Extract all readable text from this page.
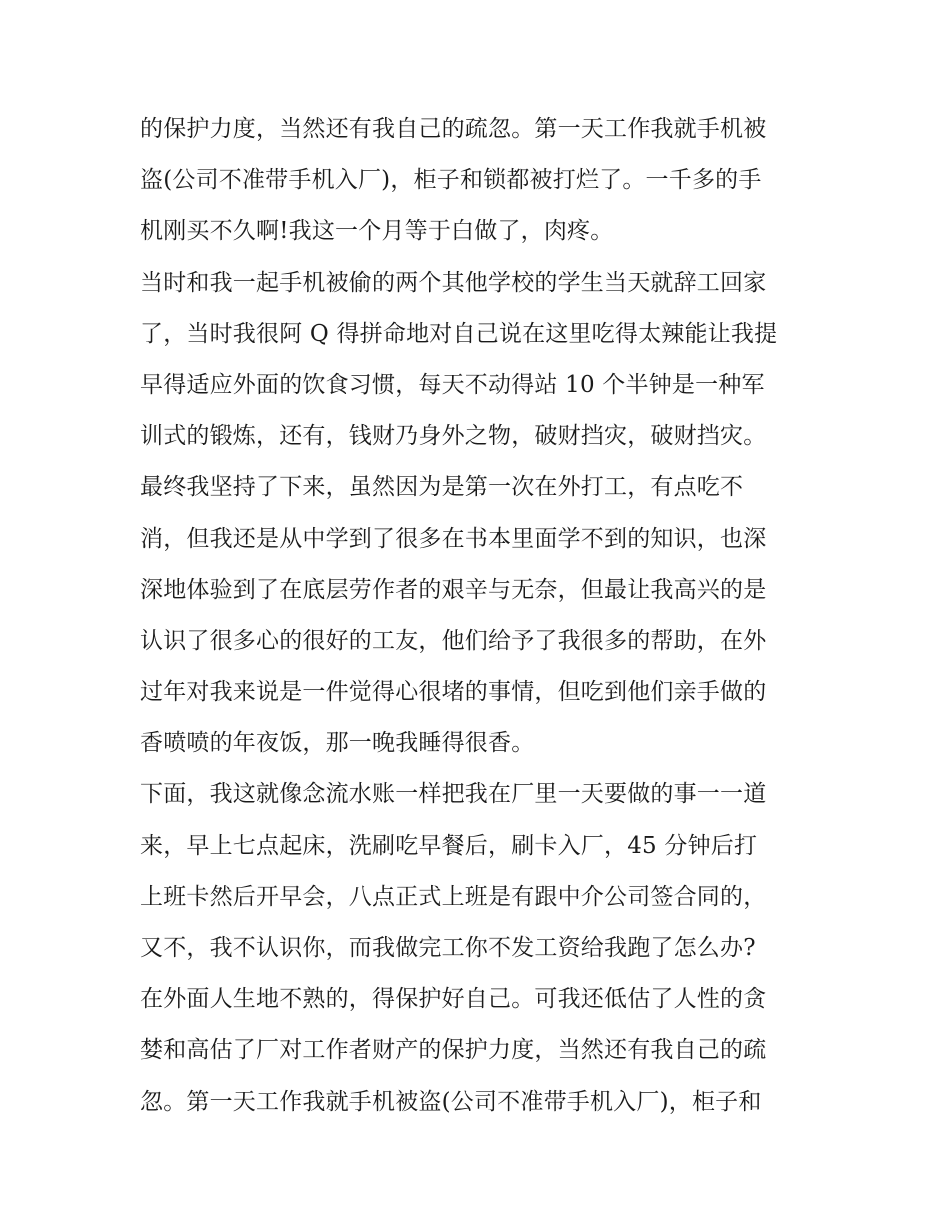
的保护力度，当然还有我自己的疏忽。第一天工作我就手机被
盗(公司不准带手机入厂)，柜子和锁都被打烂了。一千多的手
机刚买不久啊!我这一个月等于白做了，肉疼。
当时和我一起手机被偷的两个其他学校的学生当天就辞工回家
了，当时我很阿 Q 得拼命地对自己说在这里吃得太辣能让我提
早得适应外面的饮食习惯，每天不动得站 10 个半钟是一种军
训式的锻炼，还有，钱财乃身外之物，破财挡灾，破财挡灾。
最终我坚持了下来，虽然因为是第一次在外打工，有点吃不
消，但我还是从中学到了很多在书本里面学不到的知识，也深
深地体验到了在底层劳作者的艰辛与无奈，但最让我高兴的是
认识了很多心的很好的工友，他们给予了我很多的帮助，在外
过年对我来说是一件觉得心很堵的事情，但吃到他们亲手做的
香喷喷的年夜饭，那一晚我睡得很香。
下面，我这就像念流水账一样把我在厂里一天要做的事一一道
来，早上七点起床，洗刷吃早餐后，刷卡入厂，45 分钟后打
上班卡然后开早会，八点正式上班是有跟中介公司签合同的，
又不，我不认识你，而我做完工你不发工资给我跑了怎么办?
在外面人生地不熟的，得保护好自己。可我还低估了人性的贪
婪和高估了厂对工作者财产的保护力度，当然还有我自己的疏
忽。第一天工作我就手机被盗(公司不准带手机入厂)，柜子和
